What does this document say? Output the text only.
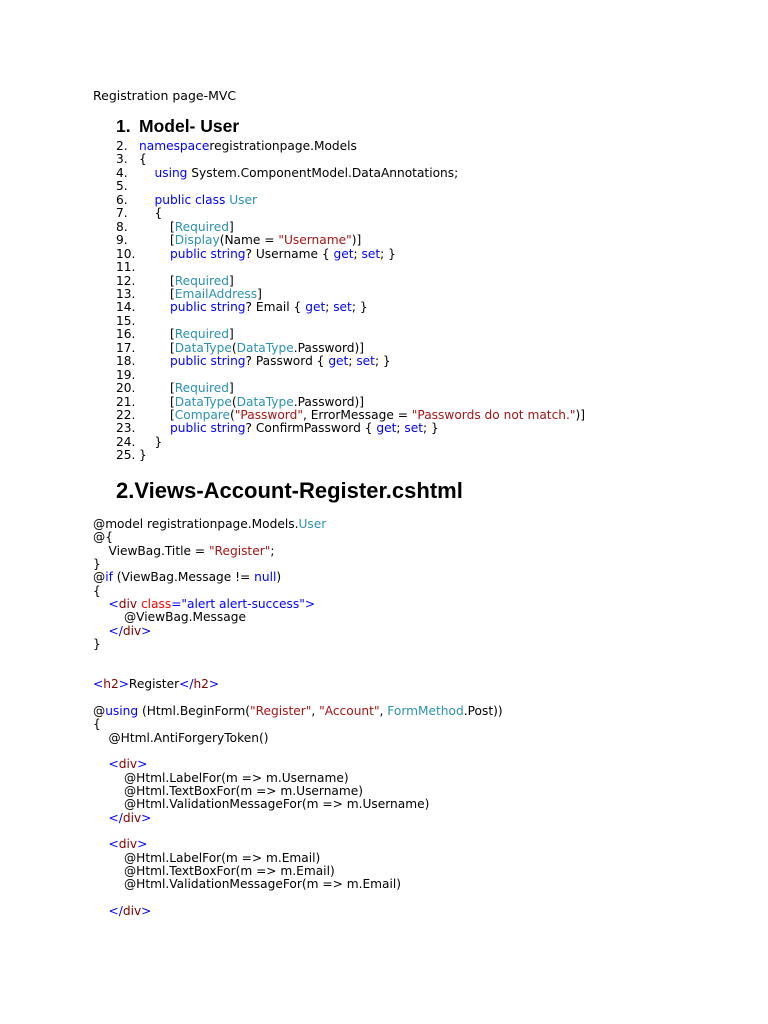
2. namespaceregistrationpage.Models
3. {
4.	using System.ComponentModel.DataAnnotations;
5.
6.	public class User
7. {
8. [Required]
9. [Display(Name = "Username")]
10.	public string? Username { get; set; }
11.
12. [Required]
13. [EmailAddress]
14.	public string? Email { get; set; }
15.
16. [Required]
17. [DataType(DataType.Password)]
18.	public string? Password { get; set; }
19.
20. [Required]
21. [DataType(DataType.Password)]
22. [Compare("Password", ErrorMessage = "Passwords do not match.")]
23.	public string? ConfirmPassword { get; set; }
24. }
25. }
@model registrationpage.Models.User
@{
ViewBag.Title = "Register";
}
@if (ViewBag.Message != null)
{
<div class="alert alert-success">
@ViewBag.Message
</div>
}
<h2>Register</h2>
@using (Html.BeginForm("Register", "Account", FormMethod.Post))
{
@Html.AntiForgeryToken()
<div>
@Html.LabelFor(m => m.Username)
@Html.TextBoxFor(m => m.Username)
@Html.ValidationMessageFor(m => m.Username)
</div>
<div>
@Html.LabelFor(m => m.Email)
@Html.TextBoxFor(m => m.Email)
@Html.ValidationMessageFor(m => m.Email)
</div>
Registration page-MVC
1. Model- User
2.Views-Account-Register.cshtml
